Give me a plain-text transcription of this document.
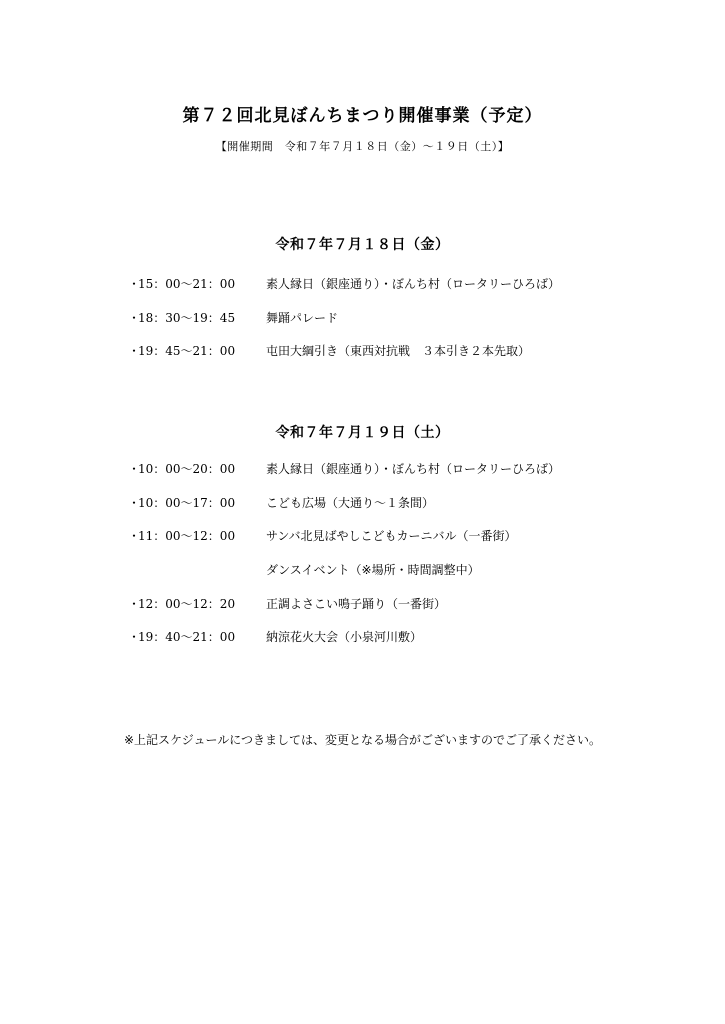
第７２回北見ぼんちまつり開催事業（予定）

【開催期間　令和７年７月１８日（金）～１９日（土）】

令和７年７月１８日（金）
・15：00～21：00	素人縁日（銀座通り）・ぼんち村（ロータリーひろば）
・18：30～19：45	舞踊パレード
・19：45～21：00	屯田大綱引き（東西対抗戦　３本引き２本先取）
令和７年７月１９日（土）
・10：00～20：00	素人縁日（銀座通り）・ぼんち村（ロータリーひろば）
・10：00～17：00	こども広場（大通り～１条間）
・11：00～12：00	サンバ北見ばやしこどもカーニバル（一番街）
ダンスイベント（※場所・時間調整中）
・12：00～12：20	正調よさこい鳴子踊り（一番街）
・19：40～21：00	納涼花火大会（小泉河川敷）

※上記スケジュールにつきましては、変更となる場合がございますのでご了承ください。
